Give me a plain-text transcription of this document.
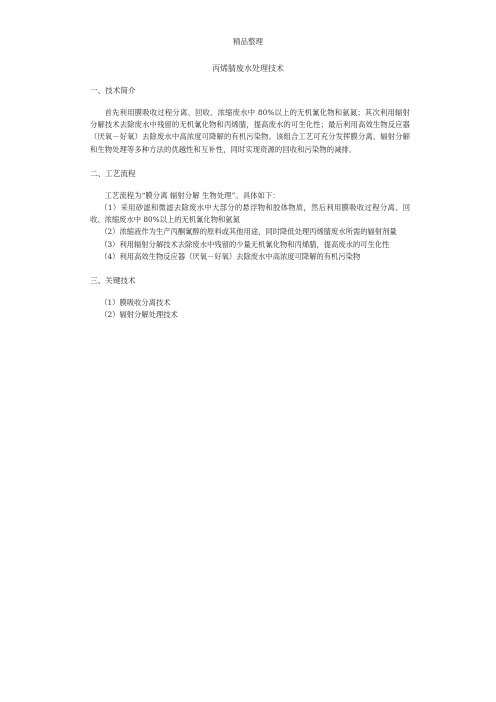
精品整理
丙烯腈废水处理技术

一、技术简介

首先利用膜吸收过程分离、回收、浓缩废水中 80%以上的无机氰化物和氨氮；其次利用辐射分解技术去除废水中残留的无机氰化物和丙烯腈，提高废水的可生化性；最后利用高效生物反应器（厌氧－好氧）去除废水中高浓度可降解的有机污染物。该组合工艺可充分发挥膜分离、辐射分解和生物处理等多种方法的优越性和互补性，同时实现资源的回收和污染物的减排。

二、工艺流程

工艺流程为“膜分离 辐射分解 生物处理”。具体如下：

（1）采用砂滤和微滤去除废水中大部分的悬浮物和胶体物质，然后利用膜吸收过程分离、回收、浓缩废水中 80%以上的无机氰化物和氨氮

（2）浓缩液作为生产丙酮氰醇的原料或其他用途，同时降低处理丙烯腈废水所需的辐射剂量

（3）利用辐射分解技术去除废水中残留的少量无机氰化物和丙烯腈，提高废水的可生化性

（4）利用高效生物反应器（厌氧－好氧）去除废水中高浓度可降解的有机污染物

三、关键技术

（1）膜吸收分离技术

（2）辐射分解处理技术
